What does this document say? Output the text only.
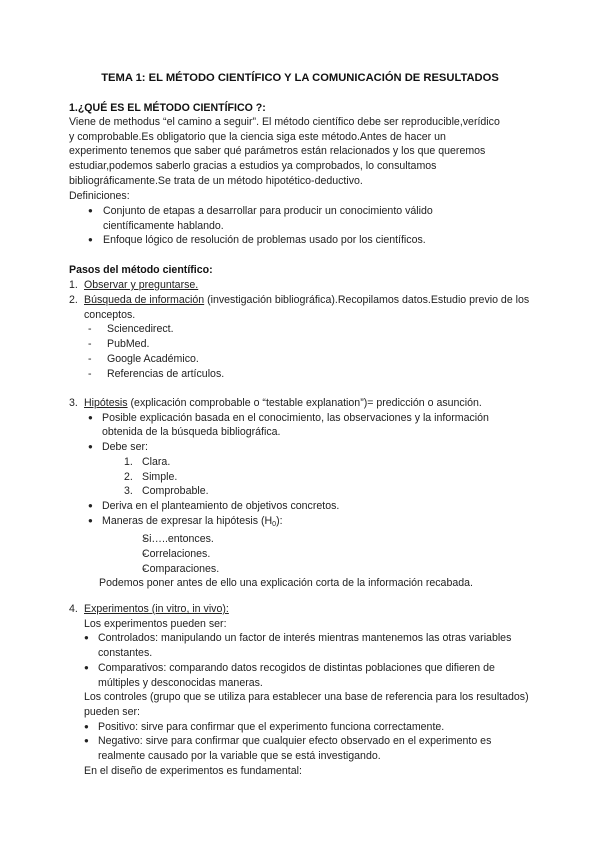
TEMA 1: EL MÉTODO CIENTÍFICO Y LA COMUNICACIÓN DE RESULTADOS
1.¿QUÉ ES EL MÉTODO CIENTÍFICO ?:
Viene de methodus “el camino a seguir”. El método científico debe ser reproducible,verídico
y comprobable.Es obligatorio que la ciencia siga este método.Antes de hacer un
experimento tenemos que saber qué parámetros están relacionados y los que queremos
estudiar,podemos saberlo gracias a estudios ya comprobados, lo consultamos
bibliográficamente.Se trata de un método hipotético-deductivo.
Definiciones:
● Conjunto de etapas a desarrollar para producir un conocimiento válido científicamente hablando.
● Enfoque lógico de resolución de problemas usado por los científicos.
Pasos del método científico:
1. Observar y preguntarse.
2. Búsqueda de información (investigación bibliográfica).Recopilamos datos.Estudio previo de los conceptos.
- Sciencedirect.
- PubMed.
- Google Académico.
- Referencias de artículos.
3. Hipótesis (explicación comprobable o “testable explanation”)= predicción o asunción.
● Posible explicación basada en el conocimiento, las observaciones y la información obtenida de la búsqueda bibliográfica.
● Debe ser:
1. Clara.
2. Simple.
3. Comprobable.
● Deriva en el planteamiento de objetivos concretos.
● Maneras de expresar la hipótesis $(H_0)$:
- Si…..entonces.
- Correlaciones.
- Comparaciones.
Podemos poner antes de ello una explicación corta de la información recabada.
4. Experimentos (in vitro, in vivo):
Los experimentos pueden ser:
● Controlados: manipulando un factor de interés mientras mantenemos las otras variables constantes.
● Comparativos: comparando datos recogidos de distintas poblaciones que difieren de múltiples y desconocidas maneras.
Los controles (grupo que se utiliza para establecer una base de referencia para los resultados) pueden ser:
● Positivo: sirve para confirmar que el experimento funciona correctamente.
● Negativo: sirve para confirmar que cualquier efecto observado en el experimento es realmente causado por la variable que se está investigando.
En el diseño de experimentos es fundamental:
